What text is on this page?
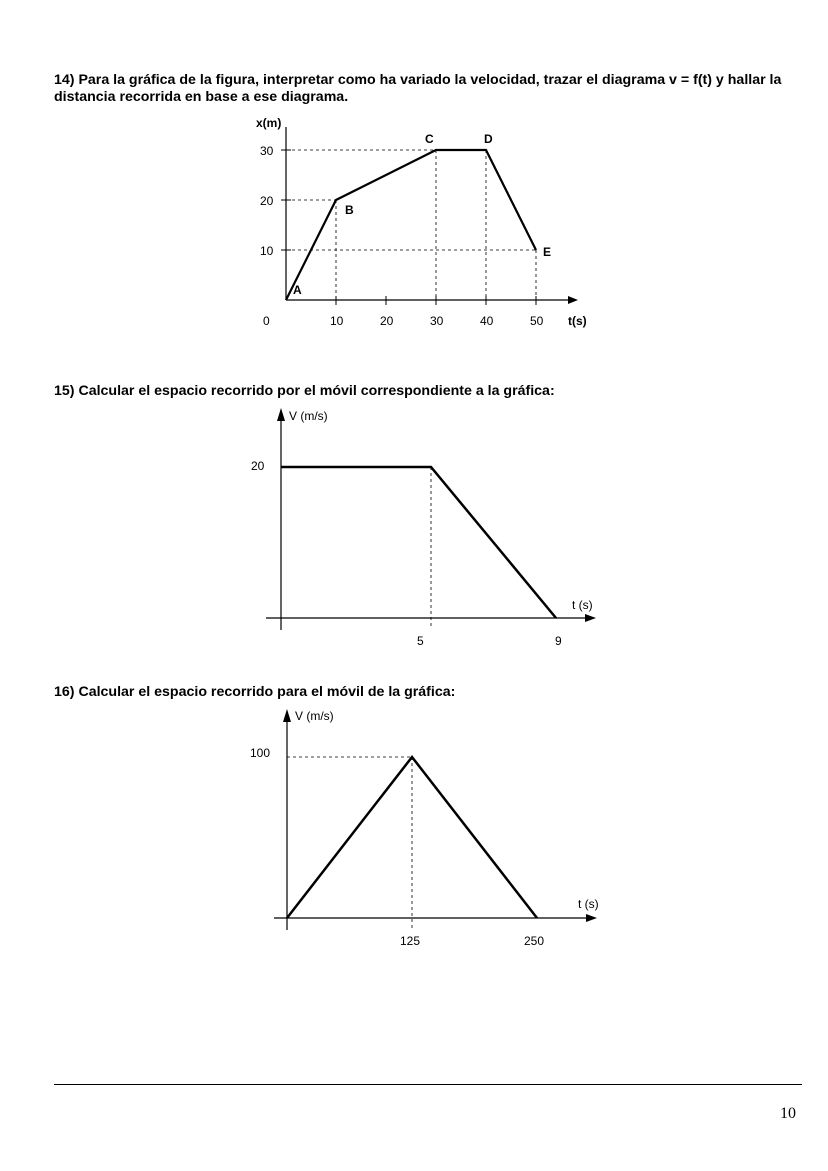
14) Para la gráfica de la figura, interpretar como ha variado la velocidad, trazar el diagrama v = f(t) y hallar la distancia recorrida en base a ese diagrama.

x(m)
t(s)
0
30
20
10
10	20	30	40	50
A
B
C	D
E

15) Calcular el espacio recorrido por el móvil correspondiente a la gráfica:

V (m/s)
t (s)
20
5	9

16) Calcular el espacio recorrido para el móvil de la gráfica:

V (m/s)
t (s)
100
125	250
10
